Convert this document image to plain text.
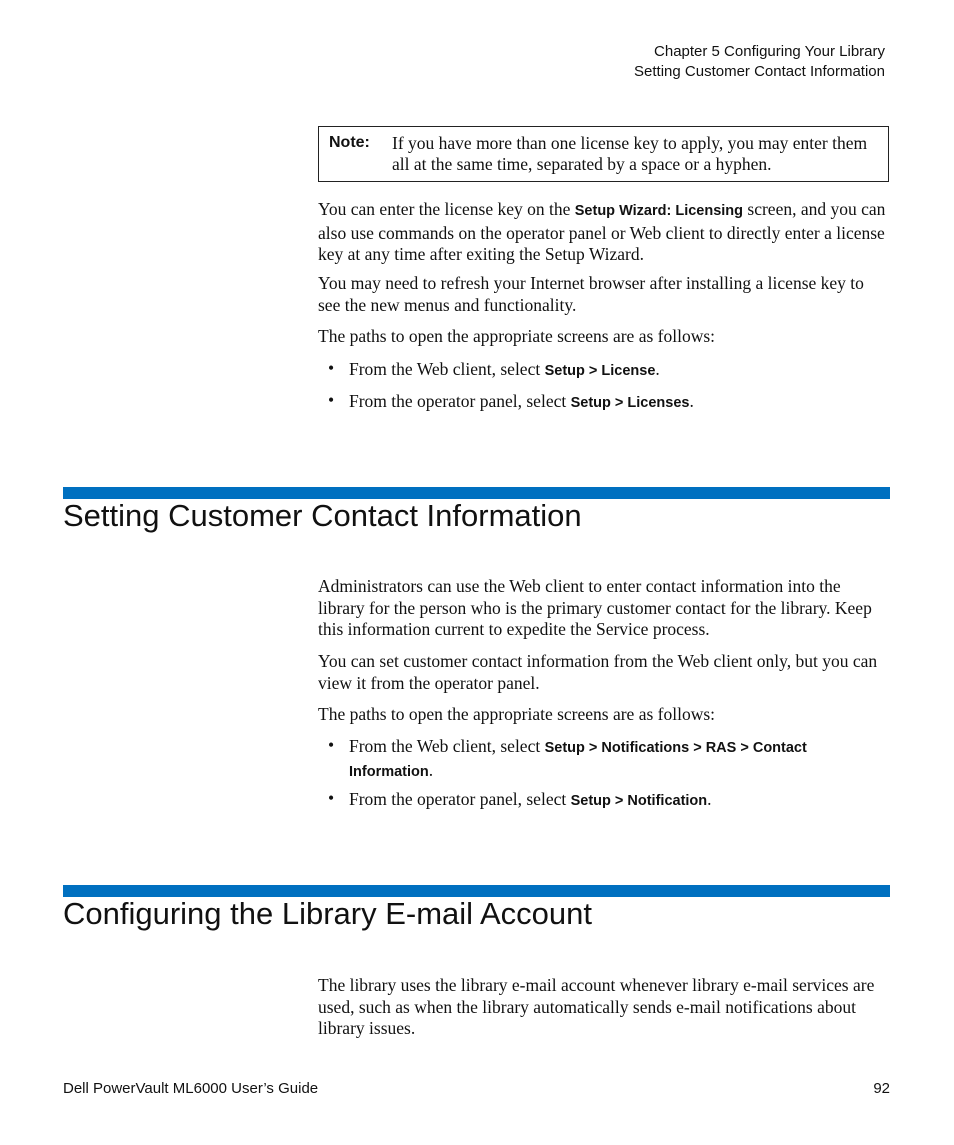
Chapter 5 Configuring Your Library
Setting Customer Contact Information
Note: If you have more than one license key to apply, you may enter them all at the same time, separated by a space or a hyphen.
You can enter the license key on the Setup Wizard: Licensing screen, and you can also use commands on the operator panel or Web client to directly enter a license key at any time after exiting the Setup Wizard.
You may need to refresh your Internet browser after installing a license key to see the new menus and functionality.
The paths to open the appropriate screens are as follows:
• From the Web client, select Setup > License.
• From the operator panel, select Setup > Licenses.
Setting Customer Contact Information
Administrators can use the Web client to enter contact information into the library for the person who is the primary customer contact for the library. Keep this information current to expedite the Service process.
You can set customer contact information from the Web client only, but you can view it from the operator panel.
The paths to open the appropriate screens are as follows:
• From the Web client, select Setup > Notifications > RAS > Contact Information.
• From the operator panel, select Setup > Notification.
Configuring the Library E-mail Account
The library uses the library e-mail account whenever library e-mail services are used, such as when the library automatically sends e-mail notifications about library issues.
Dell PowerVault ML6000 User’s Guide	92
